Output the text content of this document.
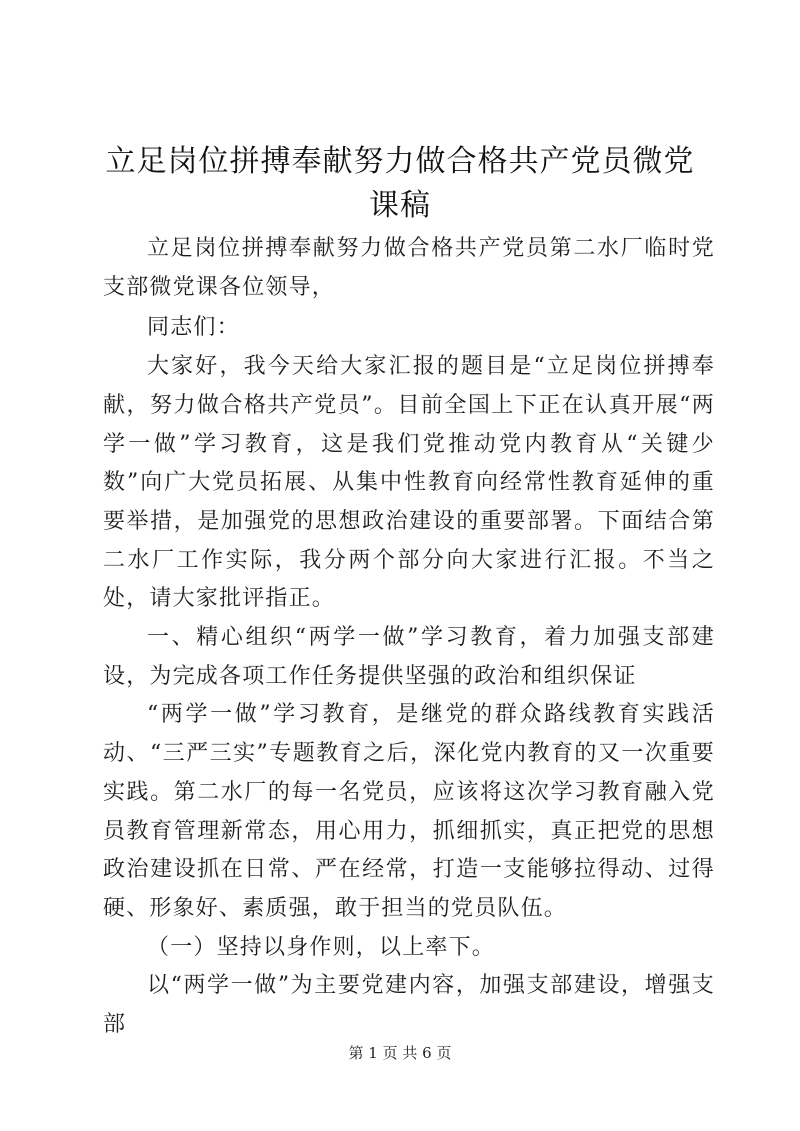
立足岗位拼搏奉献努力做合格共产党员微党课稿

立足岗位拼搏奉献努力做合格共产党员第二水厂临时党支部微党课各位领导，

同志们：

大家好，我今天给大家汇报的题目是“立足岗位拼搏奉献，努力做合格共产党员”。目前全国上下正在认真开展“两学一做”学习教育，这是我们党推动党内教育从“关键少数”向广大党员拓展、从集中性教育向经常性教育延伸的重要举措，是加强党的思想政治建设的重要部署。下面结合第二水厂工作实际，我分两个部分向大家进行汇报。不当之处，请大家批评指正。

一、精心组织“两学一做”学习教育，着力加强支部建设，为完成各项工作任务提供坚强的政治和组织保证

“两学一做”学习教育，是继党的群众路线教育实践活动、“三严三实”专题教育之后，深化党内教育的又一次重要实践。第二水厂的每一名党员，应该将这次学习教育融入党员教育管理新常态，用心用力，抓细抓实，真正把党的思想政治建设抓在日常、严在经常，打造一支能够拉得动、过得硬、形象好、素质强，敢于担当的党员队伍。

（一）坚持以身作则，以上率下。

以“两学一做”为主要党建内容，加强支部建设，增强支部

第 1 页 共 6 页
